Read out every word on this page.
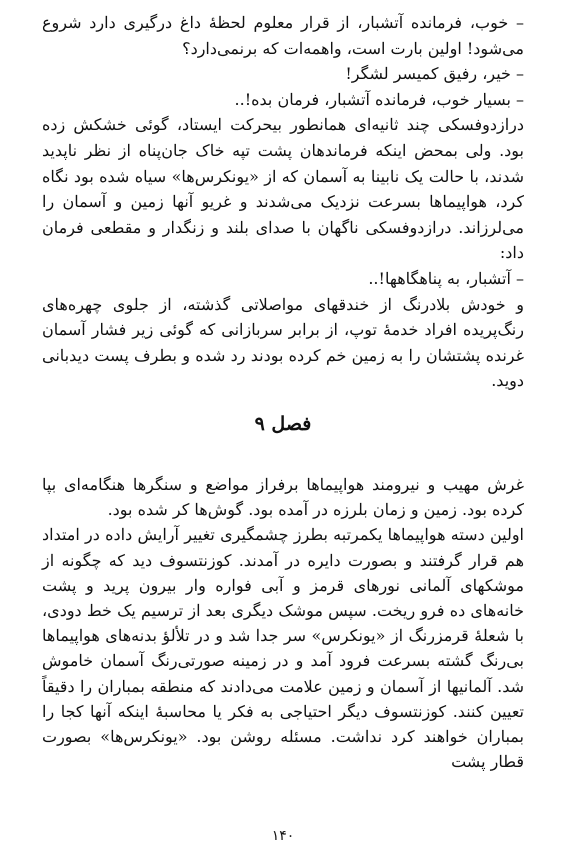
– خوب، فرمانده آتشبار، از قرار معلوم لحظهٔ داغ درگیری دارد شروع می‌شود! اولین بارت است، واهمه‌ات که برنمی‌دارد؟

– خیر، رفیق کمیسر لشگر!

– بسیار خوب، فرمانده آتشبار، فرمان بده!..

درازدوفسکی چند ثانیه‌ای همانطور بیحرکت ایستاد، گوئی خشکش زده بود. ولی بمحض اینکه فرماندهان پشت تپه خاک جان‌پناه از نظر ناپدید شدند، با حالت یک نابینا به آسمان که از «یونکرس‌ها» سیاه شده بود نگاه کرد، هواپیماها بسرعت نزدیک می‌شدند و غریو آنها زمین و آسمان را می‌لرزاند. درازدوفسکی ناگهان با صدای بلند و زنگدار و مقطعی فرمان داد:

– آتشبار، به پناهگاهها!..

و خودش بلادرنگ از خندقهای مواصلاتی گذشته، از جلوی چهره‌های رنگ‌پریده افراد خدمهٔ توپ، از برابر سربازانی که گوئی زیر فشار آسمان غرنده پشتشان را به زمین خم کرده بودند رد شده و بطرف پست دیدبانی دوید.

فصل ۹

غرش مهیب و نیرومند هواپیماها برفراز مواضع و سنگرها هنگامه‌ای بپا کرده بود. زمین و زمان بلرزه در آمده بود. گوش‌ها کر شده بود.

اولین دسته هواپیماها یکمرتبه بطرز چشمگیری تغییر آرایش داده در امتداد هم قرار گرفتند و بصورت دایره در آمدند. کوزنتسوف دید که چگونه از موشکهای آلمانی نورهای قرمز و آبی فواره وار بیرون پرید و پشت خانه‌های ده فرو ریخت. سپس موشک دیگری بعد از ترسیم یک خط دودی، با شعلهٔ قرمزرنگ از «یونکرس» سر جدا شد و در تلألؤ بدنه‌های هواپیماها بی‌رنگ گشته بسرعت فرود آمد و در زمینه صورتی‌رنگ آسمان خاموش شد. آلمانیها از آسمان و زمین علامت می‌دادند که منطقه بمباران را دقیقاً تعیین کنند. کوزنتسوف دیگر احتیاجی به فکر یا محاسبهٔ اینکه آنها کجا را بمباران خواهند کرد نداشت. مسئله روشن بود. «یونکرس‌ها» بصورت قطار پشت

۱۴۰
